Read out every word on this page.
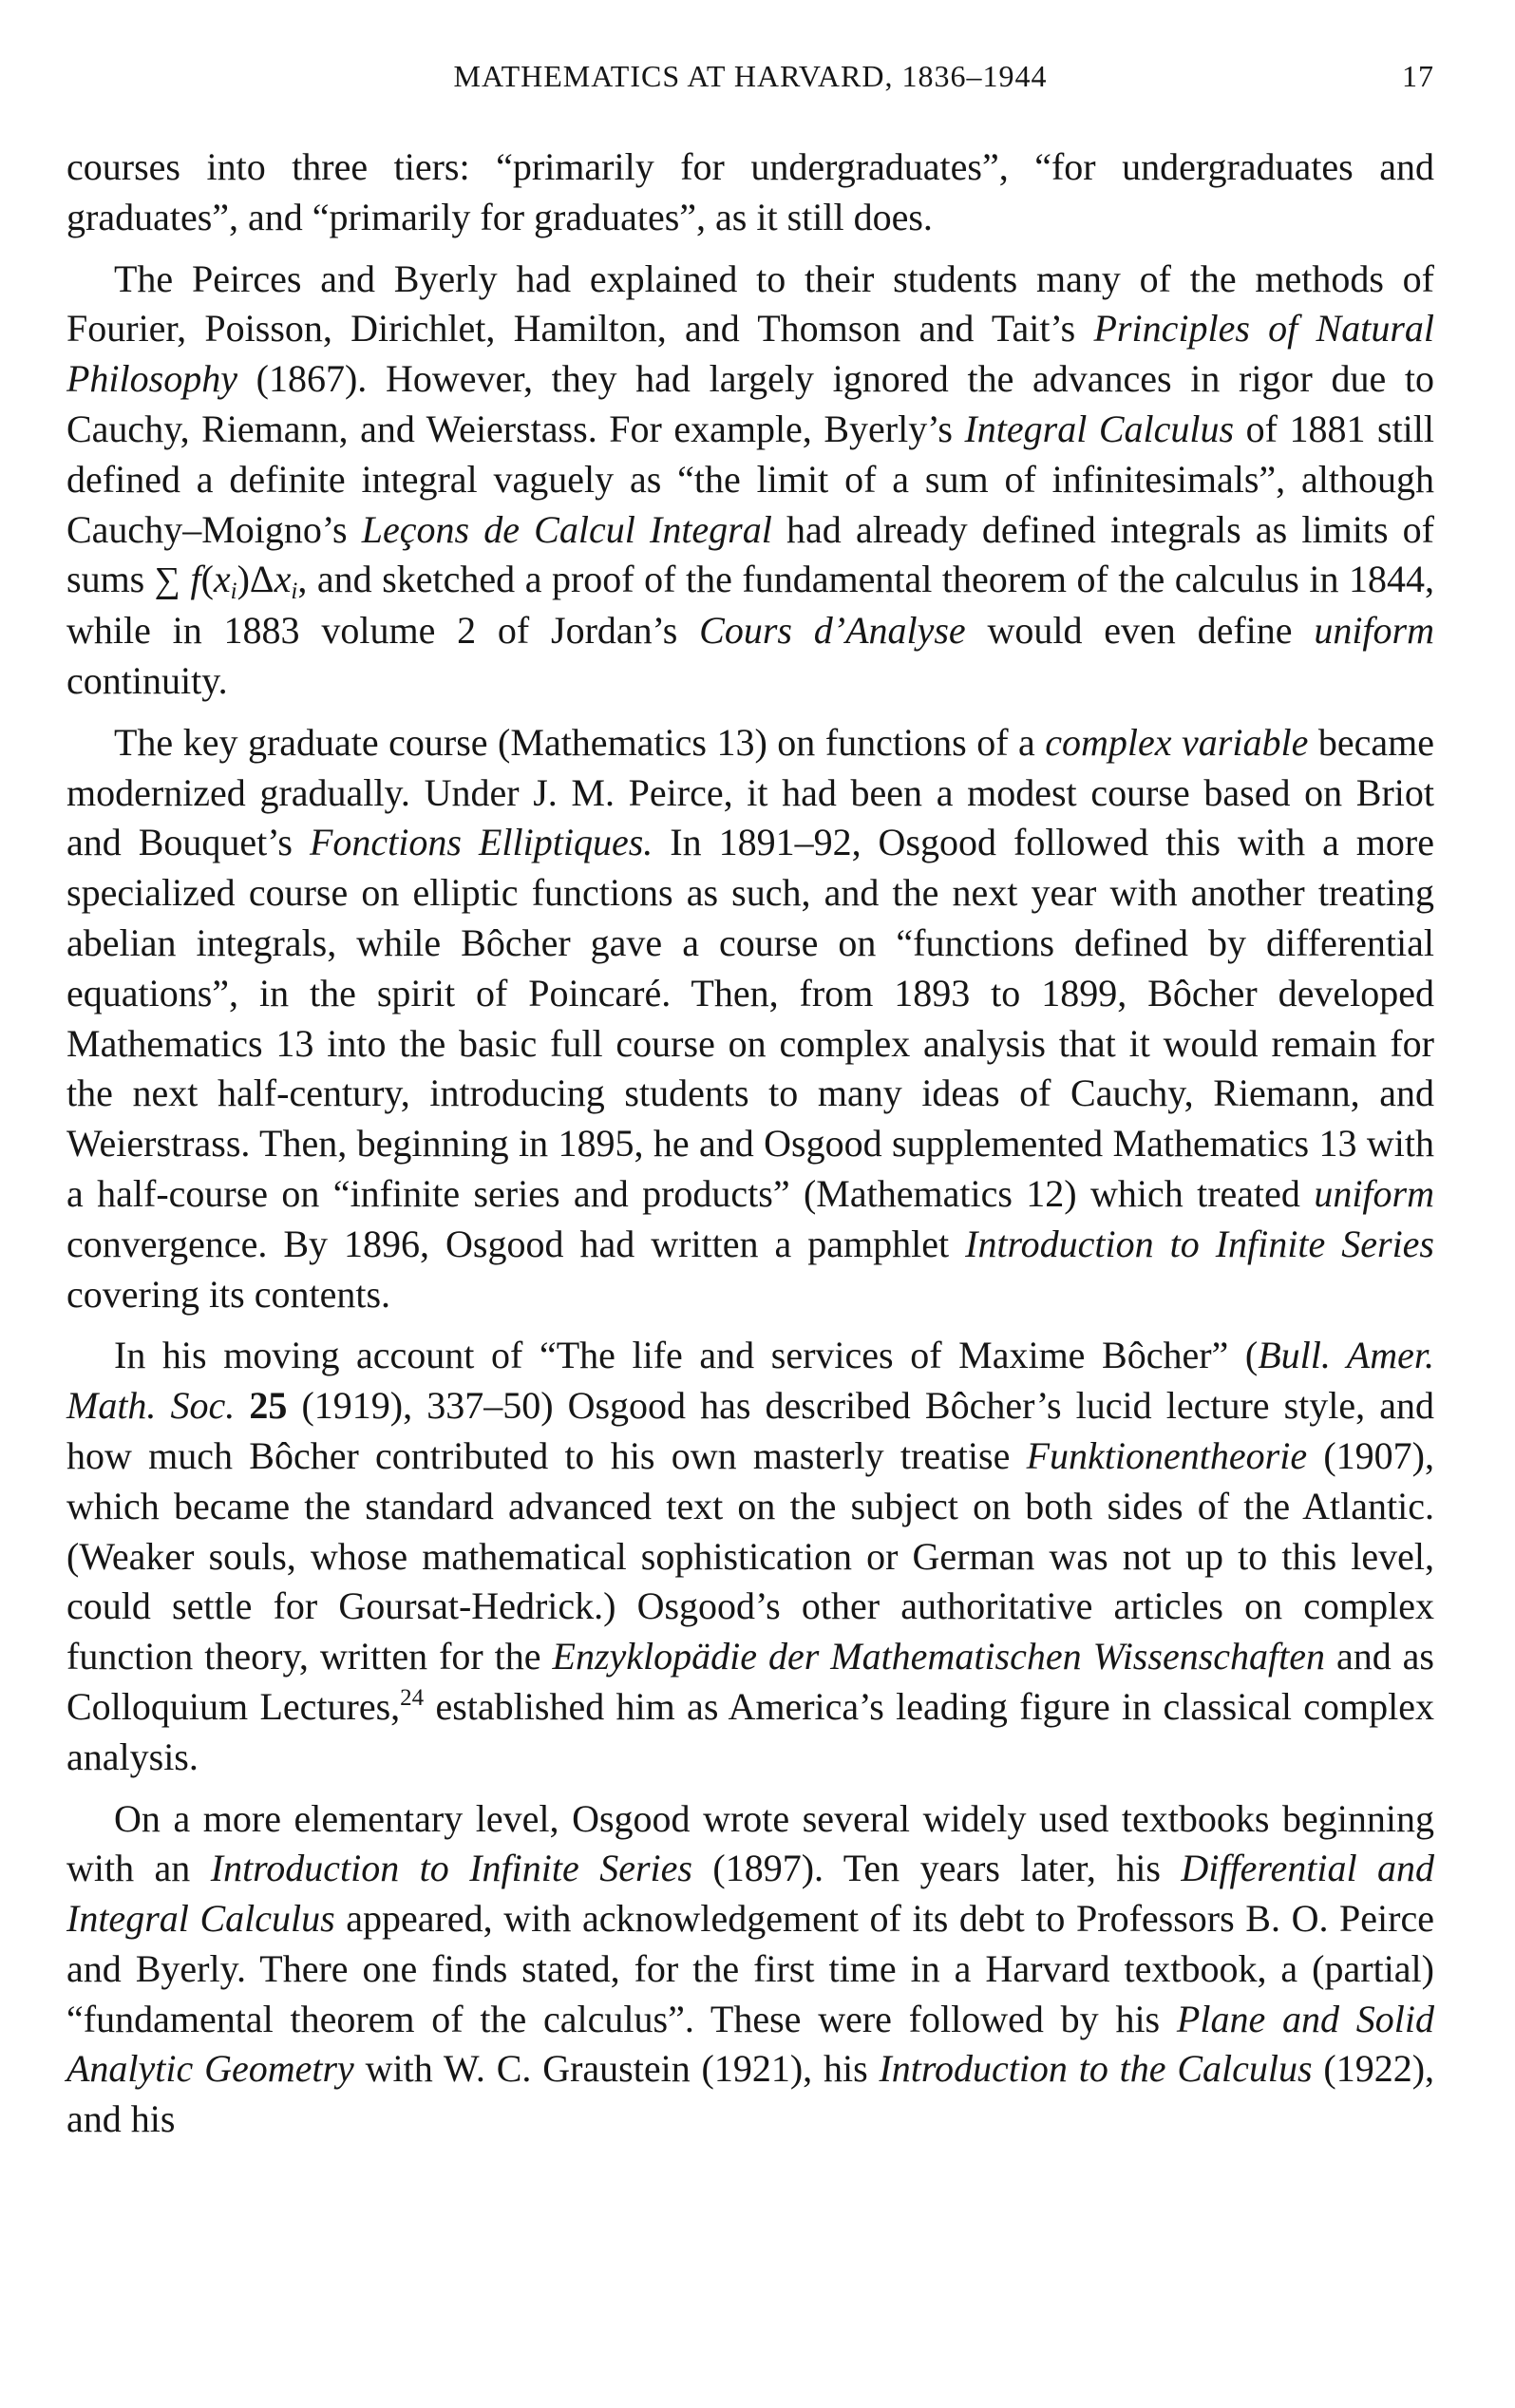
MATHEMATICS AT HARVARD, 1836–1944	17

courses into three tiers: “primarily for undergraduates”, “for undergraduates and graduates”, and “primarily for graduates”, as it still does.

The Peirces and Byerly had explained to their students many of the methods of Fourier, Poisson, Dirichlet, Hamilton, and Thomson and Tait’s Principles of Natural Philosophy (1867). However, they had largely ignored the advances in rigor due to Cauchy, Riemann, and Weierstass. For example, Byerly’s Integral Calculus of 1881 still defined a definite integral vaguely as “the limit of a sum of infinitesimals”, although Cauchy–Moigno’s Leçons de Calcul Integral had already defined integrals as limits of sums ∑ $f(x_i)\Delta x_i$, and sketched a proof of the fundamental theorem of the calculus in 1844, while in 1883 volume 2 of Jordan’s Cours d’Analyse would even define uniform continuity.

The key graduate course (Mathematics 13) on functions of a complex variable became modernized gradually. Under J. M. Peirce, it had been a modest course based on Briot and Bouquet’s Fonctions Elliptiques. In 1891–92, Osgood followed this with a more specialized course on elliptic functions as such, and the next year with another treating abelian integrals, while Bôcher gave a course on “functions defined by differential equations”, in the spirit of Poincaré. Then, from 1893 to 1899, Bôcher developed Mathematics 13 into the basic full course on complex analysis that it would remain for the next half-century, introducing students to many ideas of Cauchy, Riemann, and Weierstrass. Then, beginning in 1895, he and Osgood supplemented Mathematics 13 with a half-course on “infinite series and products” (Mathematics 12) which treated uniform convergence. By 1896, Osgood had written a pamphlet Introduction to Infinite Series covering its contents.

In his moving account of “The life and services of Maxime Bôcher” (Bull. Amer. Math. Soc. 25 (1919), 337–50) Osgood has described Bôcher’s lucid lecture style, and how much Bôcher contributed to his own masterly treatise Funktionentheorie (1907), which became the standard advanced text on the subject on both sides of the Atlantic. (Weaker souls, whose mathematical sophistication or German was not up to this level, could settle for Goursat-Hedrick.) Osgood’s other authoritative articles on complex function theory, written for the Enzyklopädie der Mathematischen Wissenschaften and as Colloquium Lectures,$^{24}$ established him as America’s leading figure in classical complex analysis.

On a more elementary level, Osgood wrote several widely used textbooks beginning with an Introduction to Infinite Series (1897). Ten years later, his Differential and Integral Calculus appeared, with acknowledgement of its debt to Professors B. O. Peirce and Byerly. There one finds stated, for the first time in a Harvard textbook, a (partial) “fundamental theorem of the calculus”. These were followed by his Plane and Solid Analytic Geometry with W. C. Graustein (1921), his Introduction to the Calculus (1922), and his
